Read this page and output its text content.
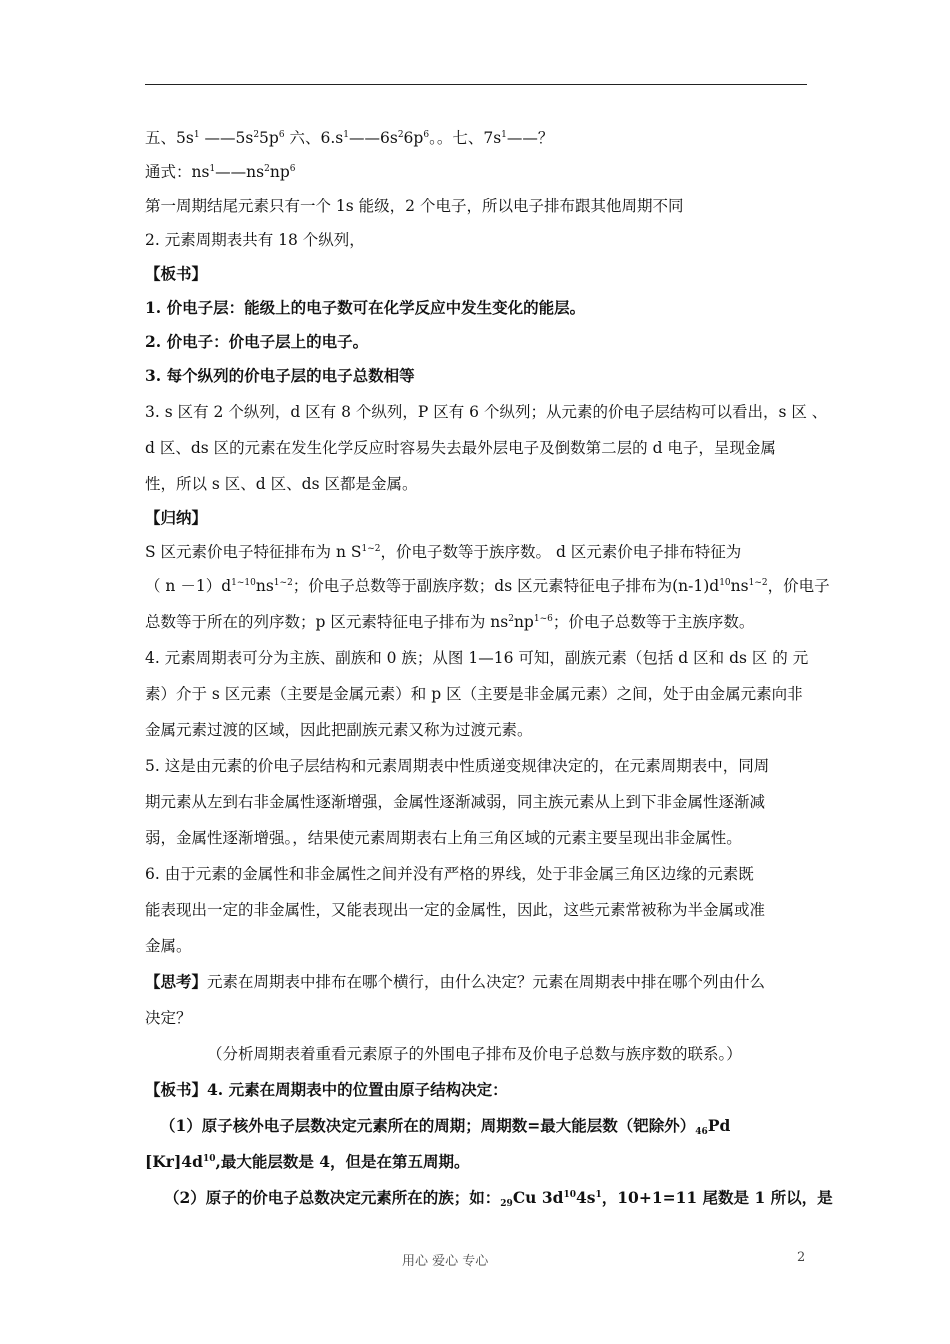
五、$5s^1$ $——5s^25p^6$ 六、$6.s^1——6s^26p^6$。。七、$7s^1——$？
通式：$ns^1——ns^2np^6$
第一周期结尾元素只有一个 1s 能级，2 个电子，所以电子排布跟其他周期不同
2. 元素周期表共有 18 个纵列，
【板书】
1. 价电子层：能级上的电子数可在化学反应中发生变化的能层。
2. 价电子：价电子层上的电子。
3. 每个纵列的价电子层的电子总数相等
3. s 区有 2 个纵列，d 区有 8 个纵列，P 区有 6 个纵列；从元素的价电子层结构可以看出，s 区 、
d 区、ds 区的元素在发生化学反应时容易失去最外层电子及倒数第二层的 d 电子，呈现金属
性，所以 s 区、d 区、ds 区都是金属。
【归纳】
S 区元素价电子特征排布为 n $S^{1\sim 2}$，价电子数等于族序数。 d 区元素价电子排布特征为
（ $n -1)d^{1\sim 10}ns^{1\sim 2}$；价电子总数等于副族序数；ds 区元素特征电子排布为$(n-1)d^{10}ns^{1\sim 2}$，价电子
总数等于所在的列序数；p 区元素特征电子排布为 $ns^2np^{1\sim 6}$；价电子总数等于主族序数。
4. 元素周期表可分为主族、副族和 0 族；从图 1—16 可知，副族元素（包括 d 区和 ds 区 的 元
素）介于 s 区元素（主要是金属元素）和 p 区（主要是非金属元素）之间，处于由金属元素向非
金属元素过渡的区域，因此把副族元素又称为过渡元素。
5. 这是由元素的价电子层结构和元素周期表中性质递变规律决定的，在元素周期表中，同周
期元素从左到右非金属性逐渐增强，金属性逐渐减弱，同主族元素从上到下非金属性逐渐减
弱，金属性逐渐增强。，结果使元素周期表右上角三角区域的元素主要呈现出非金属性。
6. 由于元素的金属性和非金属性之间并没有严格的界线，处于非金属三角区边缘的元素既
能表现出一定的非金属性，又能表现出一定的金属性，因此，这些元素常被称为半金属或准
金属。
【思考】元素在周期表中排布在哪个横行，由什么决定？元素在周期表中排在哪个列由什么
决定？
（分析周期表着重看元素原子的外围电子排布及价电子总数与族序数的联系。）
【板书】4. 元素在周期表中的位置由原子结构决定：
（1）原子核外电子层数决定元素所在的周期；周期数=最大能层数（钯除外）$_{46}Pd$
$[Kr]4d^{10}$,最大能层数是 4，但是在第五周期。
（2）原子的价电子总数决定元素所在的族；如：$_{29}$Cu $3d^{10}4s^1$，10+1=11 尾数是 1 所以，是
用心 爱心 专心	2
